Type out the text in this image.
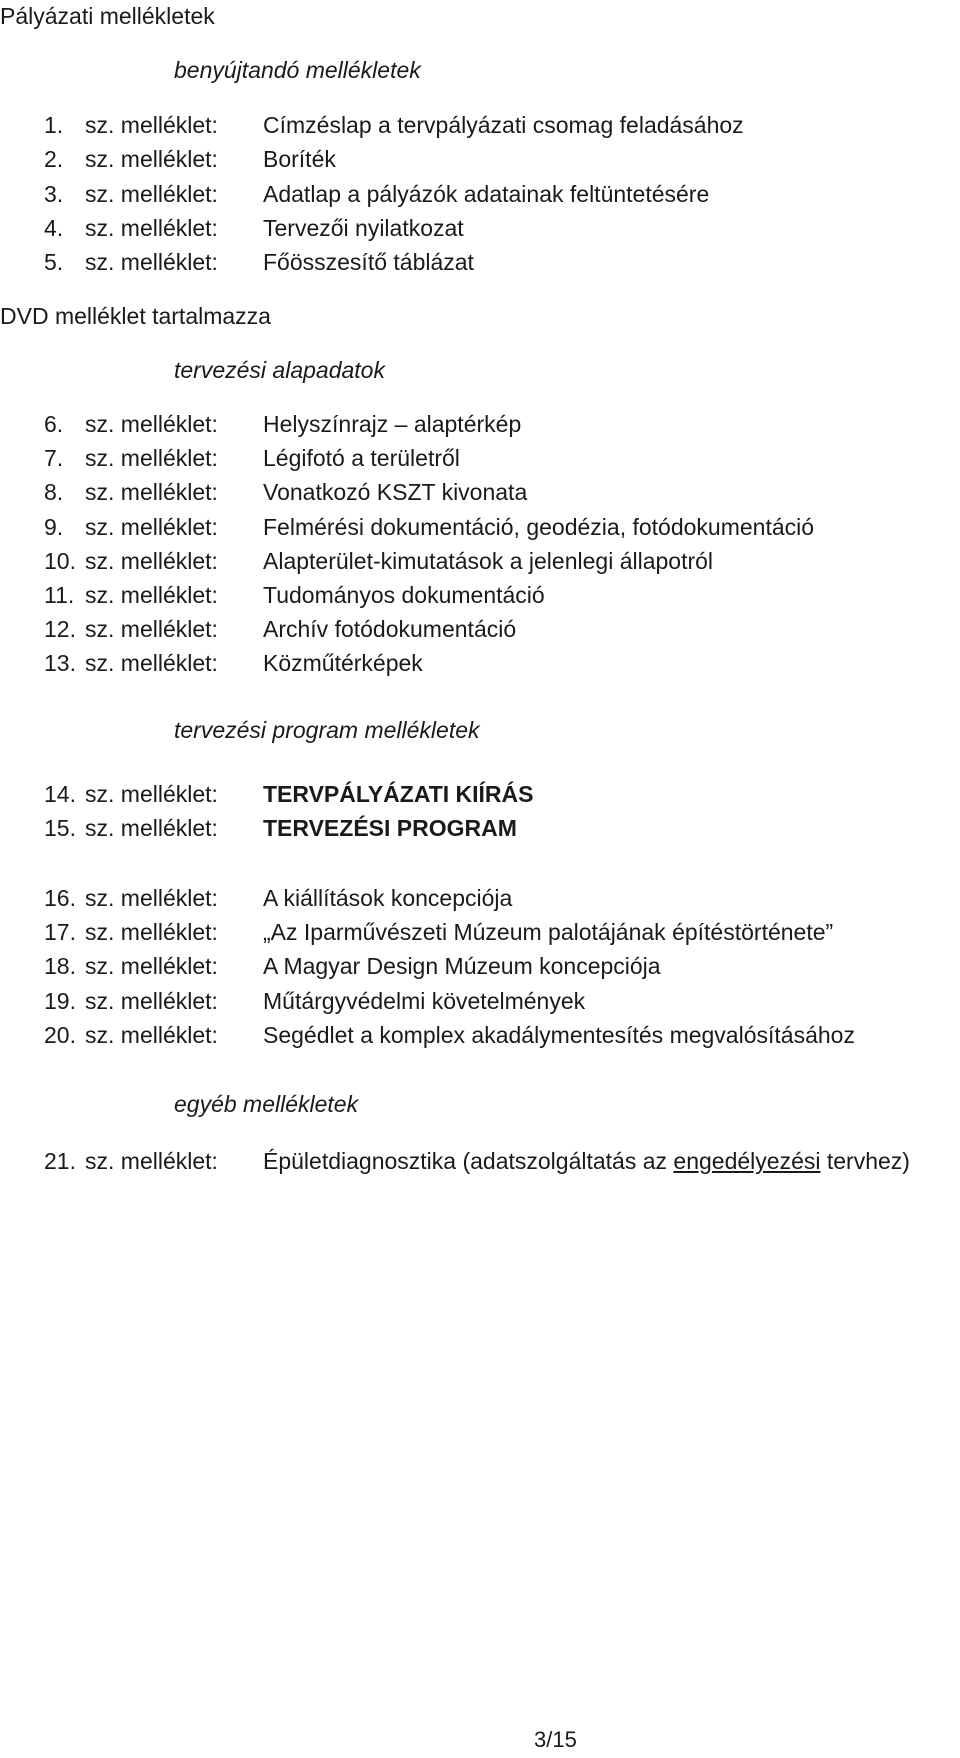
Pályázati mellékletek
benyújtandó mellékletek
1. sz. melléklet: Címzéslap a tervpályázati csomag feladásához
2. sz. melléklet: Boríték
3. sz. melléklet: Adatlap a pályázók adatainak feltüntetésére
4. sz. melléklet: Tervezői nyilatkozat
5. sz. melléklet: Főösszesítő táblázat
DVD melléklet tartalmazza
tervezési alapadatok
6. sz. melléklet: Helyszínrajz – alaptérkép
7. sz. melléklet: Légifotó a területről
8. sz. melléklet: Vonatkozó KSZT kivonata
9. sz. melléklet: Felmérési dokumentáció, geodézia, fotódokumentáció
10. sz. melléklet: Alapterület-kimutatások a jelenlegi állapotról
11. sz. melléklet: Tudományos dokumentáció
12. sz. melléklet: Archív fotódokumentáció
13. sz. melléklet: Közműtérképek
tervezési program mellékletek
14. sz. melléklet: TERVPÁLYÁZATI KIÍRÁS
15. sz. melléklet: TERVEZÉSI PROGRAM
16. sz. melléklet: A kiállítások koncepciója
17. sz. melléklet: „Az Iparművészeti Múzeum palotájának építéstörténete”
18. sz. melléklet: A Magyar Design Múzeum koncepciója
19. sz. melléklet: Műtárgyvédelmi követelmények
20. sz. melléklet: Segédlet a komplex akadálymentesítés megvalósításához
egyéb mellékletek
21. sz. melléklet: Épületdiagnosztika (adatszolgáltatás az engedélyezési tervhez)
3/15
